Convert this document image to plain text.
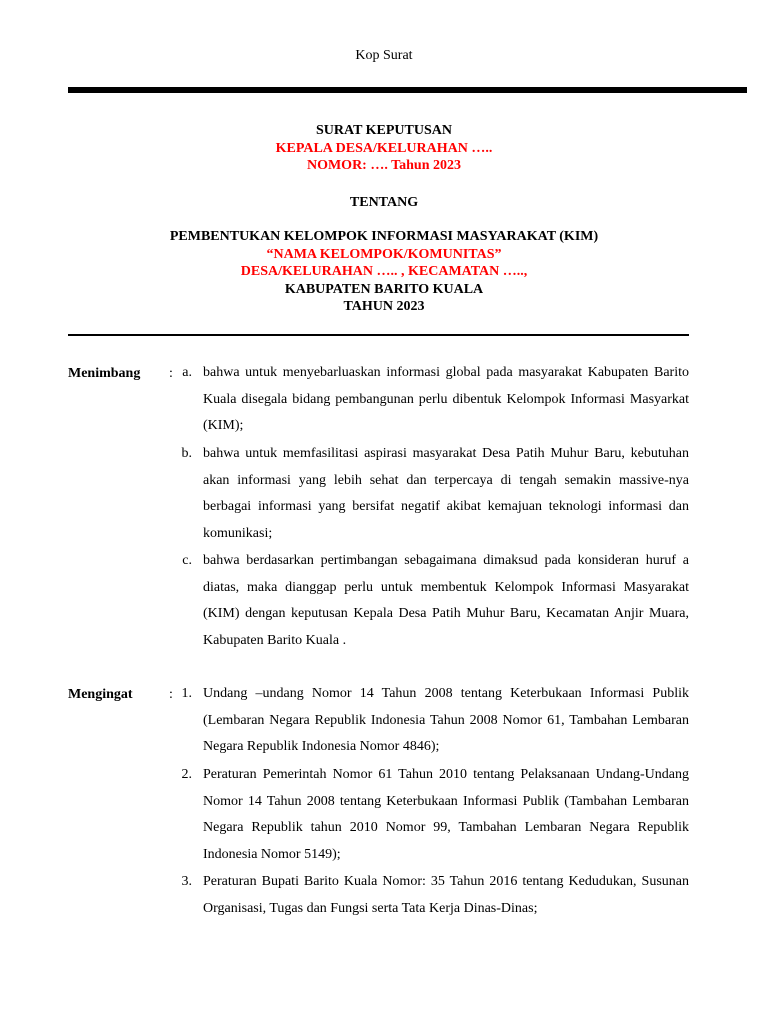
Kop Surat
SURAT KEPUTUSAN
KEPALA DESA/KELURAHAN …..
NOMOR: …. Tahun 2023
TENTANG
PEMBENTUKAN KELOMPOK INFORMASI MASYARAKAT (KIM)
“NAMA KELOMPOK/KOMUNITAS”
DESA/KELURAHAN ….. , KECAMATAN …..,
KABUPATEN BARITO KUALA
TAHUN 2023
Menimbang : a. bahwa untuk menyebarluaskan informasi global pada masyarakat Kabupaten Barito Kuala disegala bidang pembangunan perlu dibentuk Kelompok Informasi Masyarkat (KIM);
b. bahwa untuk memfasilitasi aspirasi masyarakat Desa Patih Muhur Baru, kebutuhan akan informasi yang lebih sehat dan terpercaya di tengah semakin massive-nya berbagai informasi yang bersifat negatif akibat kemajuan teknologi informasi dan komunikasi;
c. bahwa berdasarkan pertimbangan sebagaimana dimaksud pada konsideran huruf a diatas, maka dianggap perlu untuk membentuk Kelompok Informasi Masyarakat (KIM) dengan keputusan Kepala Desa Patih Muhur Baru, Kecamatan Anjir Muara, Kabupaten Barito Kuala .
Mengingat	: 1. Undang –undang Nomor 14 Tahun 2008 tentang Keterbukaan Informasi Publik (Lembaran Negara Republik Indonesia Tahun 2008 Nomor 61, Tambahan Lembaran Negara Republik Indonesia Nomor 4846);
2. Peraturan Pemerintah Nomor 61 Tahun 2010 tentang Pelaksanaan Undang-Undang Nomor 14 Tahun 2008 tentang Keterbukaan Informasi Publik (Tambahan Lembaran Negara Republik tahun 2010 Nomor 99, Tambahan Lembaran Negara Republik Indonesia Nomor 5149);
3. Peraturan Bupati Barito Kuala Nomor: 35 Tahun 2016 tentang Kedudukan, Susunan Organisasi, Tugas dan Fungsi serta Tata Kerja Dinas-Dinas;
